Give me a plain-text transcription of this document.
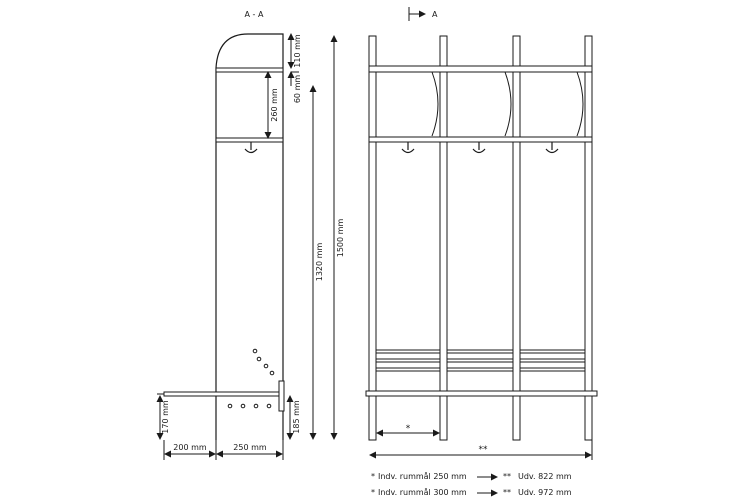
A - A
110 mm
60 mm
260 mm
1320 mm
1500 mm
170 mm	185 mm
200 mm	250 mm
A
*
**
* Indv. rummål 250 mm	** Udv. 822 mm
* Indv. rummål 300 mm	** Udv. 972 mm
